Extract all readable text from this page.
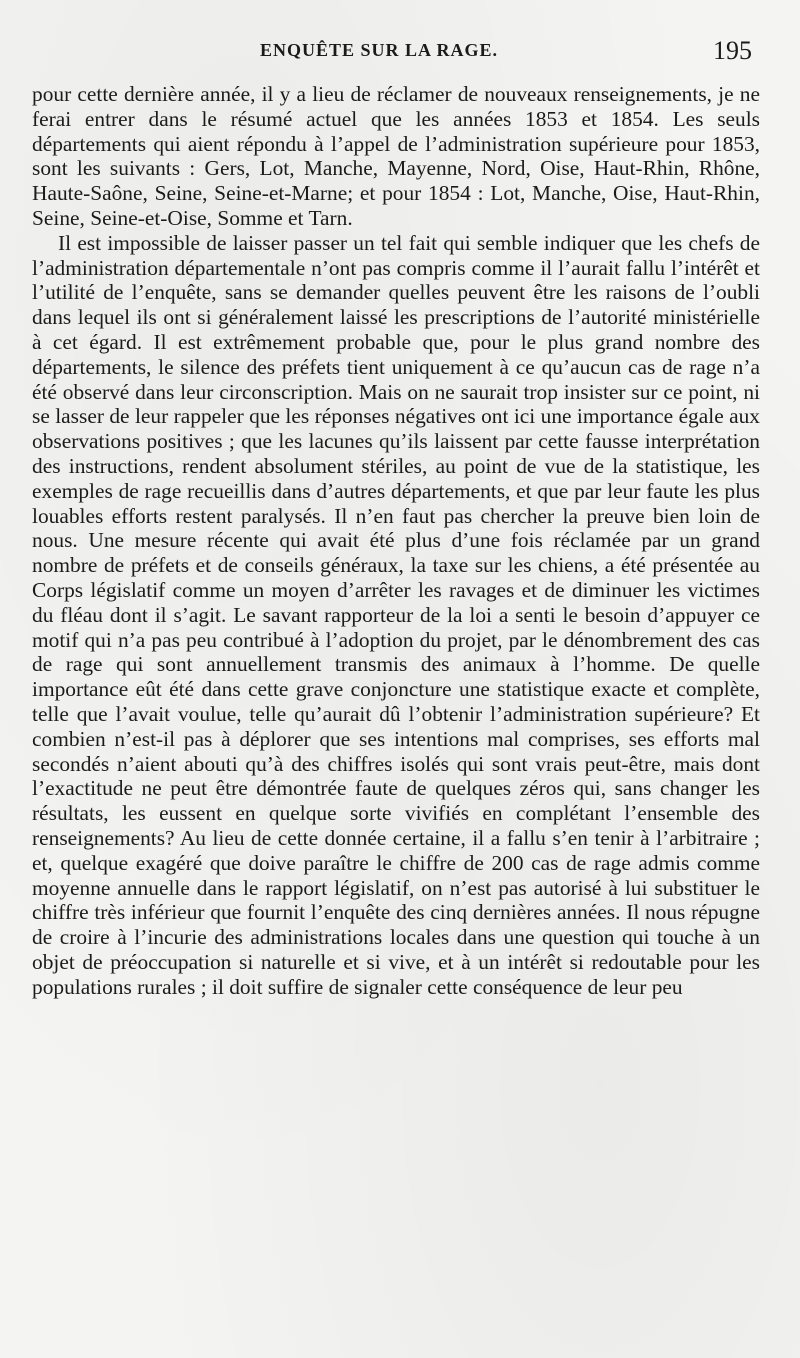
ENQUÊTE SUR LA RAGE.	195

pour cette dernière année, il y a lieu de réclamer de nouveaux renseignements, je ne ferai entrer dans le résumé actuel que les années 1853 et 1854. Les seuls départements qui aient répondu à l’appel de l’administration supérieure pour 1853, sont les suivants : Gers, Lot, Manche, Mayenne, Nord, Oise, Haut-Rhin, Rhône, Haute-Saône, Seine, Seine-et-Marne; et pour 1854 : Lot, Manche, Oise, Haut-Rhin, Seine, Seine-et-Oise, Somme et Tarn.

Il est impossible de laisser passer un tel fait qui semble indiquer que les chefs de l’administration départementale n’ont pas compris comme il l’aurait fallu l’intérêt et l’utilité de l’enquête, sans se demander quelles peuvent être les raisons de l’oubli dans lequel ils ont si généralement laissé les prescriptions de l’autorité ministérielle à cet égard. Il est extrêmement probable que, pour le plus grand nombre des départements, le silence des préfets tient uniquement à ce qu’aucun cas de rage n’a été observé dans leur circonscription. Mais on ne saurait trop insister sur ce point, ni se lasser de leur rappeler que les réponses négatives ont ici une importance égale aux observations positives ; que les lacunes qu’ils laissent par cette fausse interprétation des instructions, rendent absolument stériles, au point de vue de la statistique, les exemples de rage recueillis dans d’autres départements, et que par leur faute les plus louables efforts restent paralysés. Il n’en faut pas chercher la preuve bien loin de nous. Une mesure récente qui avait été plus d’une fois réclamée par un grand nombre de préfets et de conseils généraux, la taxe sur les chiens, a été présentée au Corps législatif comme un moyen d’arrêter les ravages et de diminuer les victimes du fléau dont il s’agit. Le savant rapporteur de la loi a senti le besoin d’appuyer ce motif qui n’a pas peu contribué à l’adoption du projet, par le dénombrement des cas de rage qui sont annuellement transmis des animaux à l’homme. De quelle importance eût été dans cette grave conjoncture une statistique exacte et complète, telle que l’avait voulue, telle qu’aurait dû l’obtenir l’administration supérieure? Et combien n’est-il pas à déplorer que ses intentions mal comprises, ses efforts mal secondés n’aient abouti qu’à des chiffres isolés qui sont vrais peut-être, mais dont l’exactitude ne peut être démontrée faute de quelques zéros qui, sans changer les résultats, les eussent en quelque sorte vivifiés en complétant l’ensemble des renseignements? Au lieu de cette donnée certaine, il a fallu s’en tenir à l’arbitraire ; et, quelque exagéré que doive paraître le chiffre de 200 cas de rage admis comme moyenne annuelle dans le rapport législatif, on n’est pas autorisé à lui substituer le chiffre très inférieur que fournit l’enquête des cinq dernières années. Il nous répugne de croire à l’incurie des administrations locales dans une question qui touche à un objet de préoccupation si naturelle et si vive, et à un intérêt si redoutable pour les populations rurales ; il doit suffire de signaler cette conséquence de leur peu
